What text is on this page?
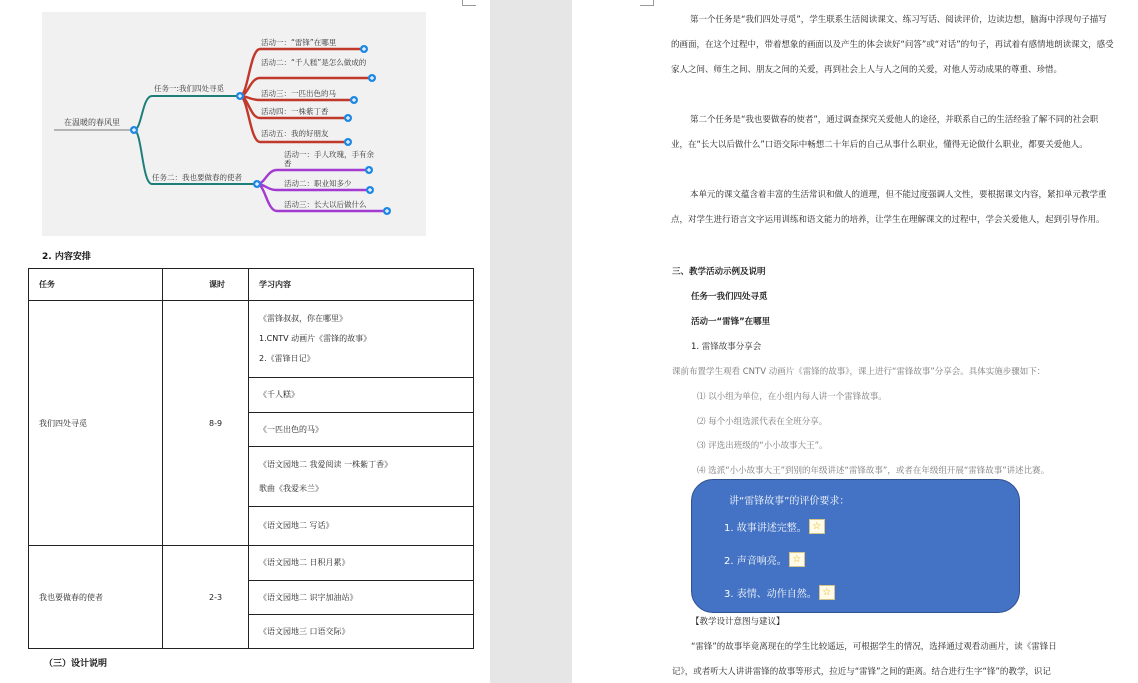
在温暖的春风里
任务一:我们四处寻觅
活动一：“雷锋”在哪里
活动二：“千人糕”是怎么做成的
活动三：一匹出色的马
活动四：一株紫丁香
活动五：我的好朋友
任务二：我也要做春的使者
活动一：手人玫瑰，手有余香
活动二：职业知多少
活动三：长大以后做什么
2. 内容安排
任务	课时	学习内容
我们四处寻觅	8-9	《雷锋叔叔，你在哪里》
1.CNTV 动画片《雷锋的故事》
2.《雷锋日记》

		《千人糕》

		《一匹出色的马》

		《语文园地二 我爱阅读 一株紫丁香》
歌曲《我爱米兰》

		《语文园地二 写话》

我也要做春的使者	2-3	《语文园地二 日积月累》

		《语文园地二 识字加油站》

		《语文园地三 口语交际》
（三）设计说明
第一个任务是“我们四处寻觅”，学生联系生活阅读课文、练习写话、阅读评价，边读边想，脑海中浮现句子描写的画面，在这个过程中，带着想象的画面以及产生的体会读好“问答”或“对话”的句子，再试着有感情地朗读课文，感受家人之间、师生之间、朋友之间的关爱，再到社会上人与人之间的关爱，对他人劳动成果的尊重、珍惜。
第二个任务是“我也要做春的使者”，通过调查探究关爱他人的途径，并联系自己的生活经验了解不同的社会职业，在“长大以后做什么”口语交际中畅想二十年后的自己从事什么职业，懂得无论做什么职业，都要关爱他人。
本单元的课文蕴含着丰富的生活常识和做人的道理，但不能过度强调人文性，要根据课文内容，紧扣单元教学重点，对学生进行语言文字运用训练和语文能力的培养，让学生在理解课文的过程中，学会关爱他人，起到引导作用。
三、教学活动示例及说明
任务一我们四处寻觅
活动一“雷锋”在哪里
1. 雷锋故事分享会
课前布置学生观看 CNTV 动画片《雷锋的故事》，课上进行“雷锋故事”分享会。具体实施步骤如下：
⑴ 以小组为单位，在小组内每人讲一个雷锋故事。
⑵ 每个小组选派代表在全班分享。
⑶ 评选出班级的“小小故事大王”。
⑷ 选派“小小故事大王”到别的年级讲述“雷锋故事”，或者在年级组开展“雷锋故事”讲述比赛。
讲“雷锋故事”的评价要求：
1. 故事讲述完整。 ☆
2. 声音响亮。 ☆
3. 表情、动作自然。 ☆
【教学设计意图与建议】
“雷锋”的故事毕竟离现在的学生比较遥远，可根据学生的情况，选择通过观看动画片，读《雷锋日
记》，或者听大人讲讲雷锋的故事等形式，拉近与“雷锋”之间的距离。结合进行生字“锋”的教学，识记
